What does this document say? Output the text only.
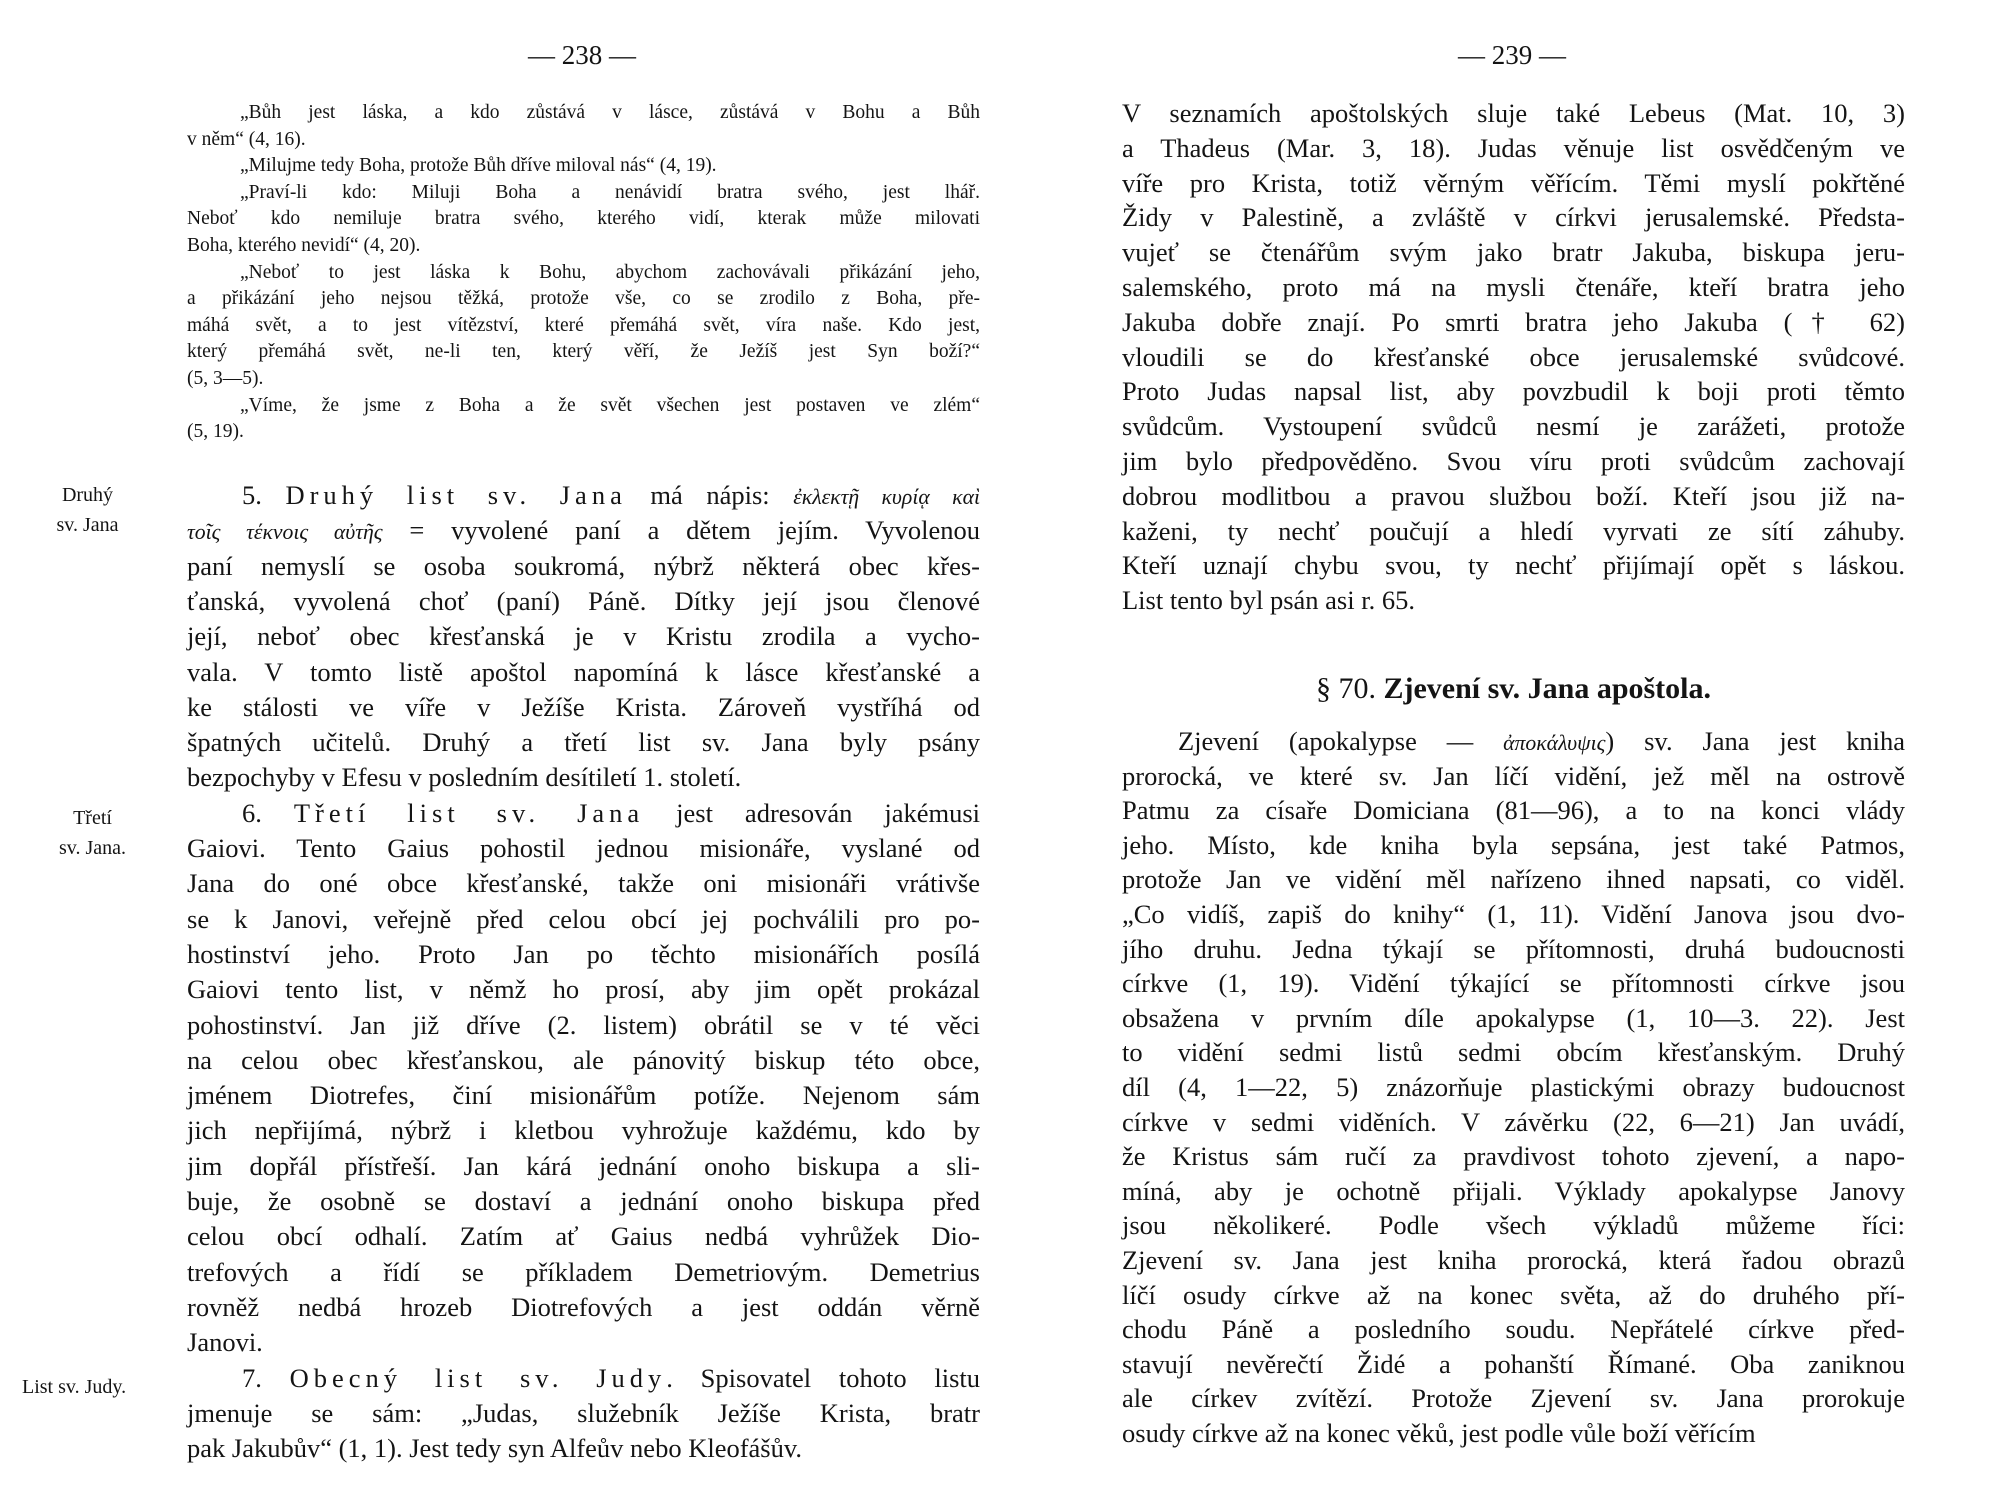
— 238 —
„Bůh jest láska, a kdo zůstává v lásce, zůstává v Bohu a Bůh
v něm“ (4, 16).
„Milujme tedy Boha, protože Bůh dříve miloval nás“ (4, 19).
„Praví-li kdo: Miluji Boha a nenávidí bratra svého, jest lhář.
Neboť kdo nemiluje bratra svého, kterého vidí, kterak může milovati
Boha, kterého nevidí“ (4, 20).
„Neboť to jest láska k Bohu, abychom zachovávali přikázání jeho,
a přikázání jeho nejsou těžká, protože vše, co se zrodilo z Boha, pře-
máhá svět, a to jest vítězství, které přemáhá svět, víra naše. Kdo jest,
který přemáhá svět, ne-li ten, který věří, že Ježíš jest Syn boží?“
(5, 3—5).
„Víme, že jsme z Boha a že svět všechen jest postaven ve zlém“
(5, 19).
5. Druhý list sv. Jana má nápis: ἐκλεκτῇ κυρίᾳ καὶ
τοῖς τέκνοις αὐτῆς = vyvolené paní a dětem jejím. Vyvolenou
paní nemyslí se osoba soukromá, nýbrž některá obec křes-
ťanská, vyvolená choť (paní) Páně. Dítky její jsou členové
její, neboť obec křesťanská je v Kristu zrodila a vycho-
vala. V tomto listě apoštol napomíná k lásce křesťanské a
ke stálosti ve víře v Ježíše Krista. Zároveň vystříhá od
špatných učitelů. Druhý a třetí list sv. Jana byly psány
bezpochyby v Efesu v posledním desítiletí 1. století.
6. Třetí list sv. Jana jest adresován jakémusi
Gaiovi. Tento Gaius pohostil jednou misionáře, vyslané od
Jana do oné obce křesťanské, takže oni misionáři vrátivše
se k Janovi, veřejně před celou obcí jej pochválili pro po-
hostinství jeho. Proto Jan po těchto misionářích posílá
Gaiovi tento list, v němž ho prosí, aby jim opět prokázal
pohostinství. Jan již dříve (2. listem) obrátil se v té věci
na celou obec křesťanskou, ale pánovitý biskup této obce,
jménem Diotrefes, činí misionářům potíže. Nejenom sám
jich nepřijímá, nýbrž i kletbou vyhrožuje každému, kdo by
jim dopřál přístřeší. Jan kárá jednání onoho biskupa a sli-
buje, že osobně se dostaví a jednání onoho biskupa před
celou obcí odhalí. Zatím ať Gaius nedbá vyhrůžek Dio-
trefových a řídí se příkladem Demetriovým. Demetrius
rovněž nedbá hrozeb Diotrefových a jest oddán věrně
Janovi.
7. Obecný list sv. Judy. Spisovatel tohoto listu
jmenuje se sám: „Judas, služebník Ježíše Krista, bratr
pak Jakubův“ (1, 1). Jest tedy syn Alfeův nebo Kleofášův.
Druhý
sv. Jana
Třetí
sv. Jana.
List sv. Judy.
— 239 —
V seznamích apoštolských sluje také Lebeus (Mat. 10, 3)
a Thadeus (Mar. 3, 18). Judas věnuje list osvědčeným ve
víře pro Krista, totiž věrným věřícím. Těmi myslí pokřtěné
Židy v Palestině, a zvláště v církvi jerusalemské. Předsta-
vujeť se čtenářům svým jako bratr Jakuba, biskupa jeru-
salemského, proto má na mysli čtenáře, kteří bratra jeho
Jakuba dobře znají. Po smrti bratra jeho Jakuba († 62)
vloudili se do křesťanské obce jerusalemské svůdcové.
Proto Judas napsal list, aby povzbudil k boji proti těmto
svůdcům. Vystoupení svůdců nesmí je zarážeti, protože
jim bylo předpověděno. Svou víru proti svůdcům zachovají
dobrou modlitbou a pravou službou boží. Kteří jsou již na-
kaženi, ty nechť poučují a hledí vyrvati ze sítí záhuby.
Kteří uznají chybu svou, ty nechť přijímají opět s láskou.
List tento byl psán asi r. 65.
§ 70. Zjevení sv. Jana apoštola.
Zjevení (apokalypse — ἀποκάλυψις) sv. Jana jest kniha
prorocká, ve které sv. Jan líčí vidění, jež měl na ostrově
Patmu za císaře Domiciana (81—96), a to na konci vlády
jeho. Místo, kde kniha byla sepsána, jest také Patmos,
protože Jan ve vidění měl nařízeno ihned napsati, co viděl.
„Co vidíš, zapiš do knihy“ (1, 11). Vidění Janova jsou dvo-
jího druhu. Jedna týkají se přítomnosti, druhá budoucnosti
církve (1, 19). Vidění týkající se přítomnosti církve jsou
obsažena v prvním díle apokalypse (1, 10—3. 22). Jest
to vidění sedmi listů sedmi obcím křesťanským. Druhý
díl (4, 1—22, 5) znázorňuje plastickými obrazy budoucnost
církve v sedmi viděních. V závěrku (22, 6—21) Jan uvádí,
že Kristus sám ručí za pravdivost tohoto zjevení, a napo-
míná, aby je ochotně přijali. Výklady apokalypse Janovy
jsou několikeré. Podle všech výkladů můžeme říci:
Zjevení sv. Jana jest kniha prorocká, která řadou obrazů
líčí osudy církve až na konec světa, až do druhého pří-
chodu Páně a posledního soudu. Nepřátelé církve před-
stavují nevěrečtí Židé a pohanští Římané. Oba zaniknou
ale církev zvítězí. Protože Zjevení sv. Jana prorokuje
osudy církve až na konec věků, jest podle vůle boží věřícím
